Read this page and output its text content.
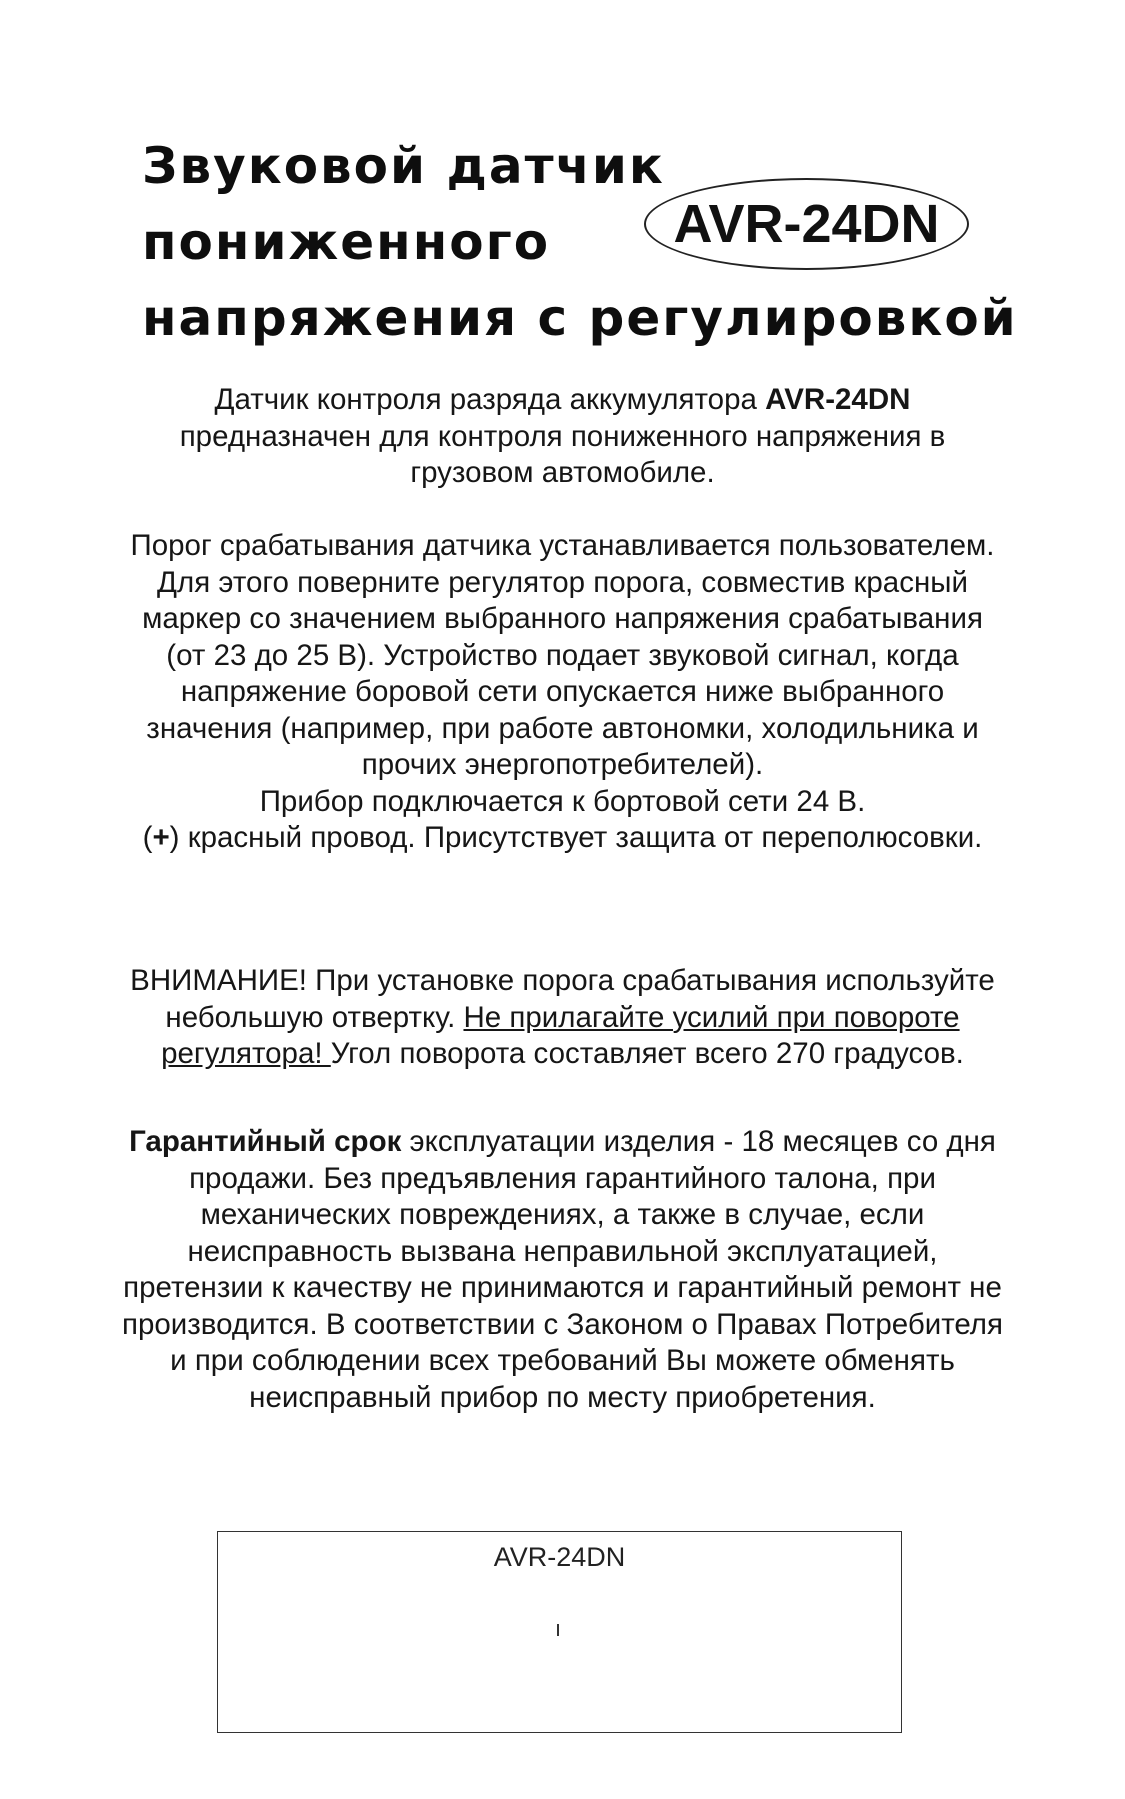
Звуковой датчик
пониженного
напряжения с регулировкой
AVR-24DN

Датчик контроля разряда аккумулятора AVR-24DN предназначен для контроля пониженного напряжения в грузовом автомобиле.

Порог срабатывания датчика устанавливается пользователем. Для этого поверните регулятор порога, совместив красный маркер со значением выбранного напряжения срабатывания (от 23 до 25 В). Устройство подает звуковой сигнал, когда напряжение боровой сети опускается ниже выбранного значения (например, при работе автономки, холодильника и прочих энергопотребителей).

Прибор подключается к бортовой сети 24 В.

(+) красный провод. Присутствует защита от переполюсовки.

ВНИМАНИЕ! При установке порога срабатывания используйте небольшую отвертку. Не прилагайте усилий при повороте регулятора! Угол поворота составляет всего 270 градусов.

Гарантийный срок эксплуатации изделия - 18 месяцев со дня продажи. Без предъявления гарантийного талона, при механических повреждениях, а также в случае, если неисправность вызвана неправильной эксплуатацией, претензии к качеству не принимаются и гарантийный ремонт не производится. В соответствии с Законом о Правах Потребителя и при соблюдении всех требований Вы можете обменять неисправный прибор по месту приобретения.

AVR-24DN
